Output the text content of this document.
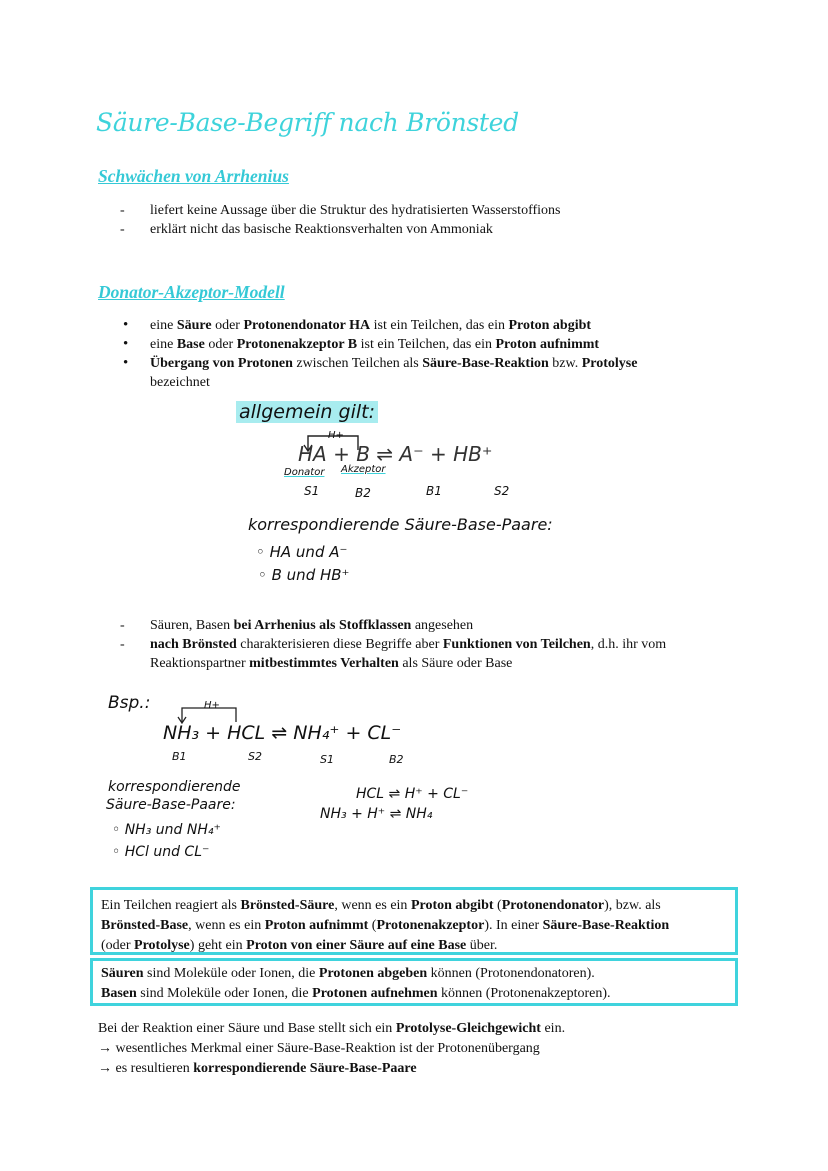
Säure-Base-Begriff nach Brönsted
Schwächen von Arrhenius
- liefert keine Aussage über die Struktur des hydratisierten Wasserstoffions
- erklärt nicht das basische Reaktionsverhalten von Ammoniak
Donator-Akzeptor-Modell
• eine Säure oder Protonendonator HA ist ein Teilchen, das ein Proton abgibt
• eine Base oder Protonenakzeptor B ist ein Teilchen, das ein Proton aufnimmt
• Übergang von Protonen zwischen Teilchen als Säure-Base-Reaktion bzw. Protolyse
bezeichnet
allgemein gilt:
H+
HA + B ⇌ A⁻ + HB⁺
Donator Akzeptor
S1	B2	B1	S2
korrespondierende Säure-Base-Paare:
◦ HA und A⁻
◦ B und HB⁺
- Säuren, Basen bei Arrhenius als Stoffklassen angesehen
- nach Brönsted charakterisieren diese Begriffe aber Funktionen von Teilchen, d.h. ihr vom
Reaktionspartner mitbestimmtes Verhalten als Säure oder Base
Bsp.:	H+
NH₃ + HCL ⇌ NH₄⁺ + CL⁻
B1	S2	S1	B2
korrespondierende
Säure-Base-Paare:
◦ NH₃ und NH₄⁺
◦ HCl und CL⁻
HCL ⇌ H⁺ + CL⁻
NH₃ + H⁺ ⇌ NH₄
Ein Teilchen reagiert als Brönsted-Säure, wenn es ein Proton abgibt (Protonendonator), bzw. als
Brönsted-Base, wenn es ein Proton aufnimmt (Protonenakzeptor). In einer Säure-Base-Reaktion
(oder Protolyse) geht ein Proton von einer Säure auf eine Base über.
Säuren sind Moleküle oder Ionen, die Protonen abgeben können (Protonendonatoren).
Basen sind Moleküle oder Ionen, die Protonen aufnehmen können (Protonenakzeptoren).

Bei der Reaktion einer Säure und Base stellt sich ein Protolyse-Gleichgewicht ein.

→ wesentliches Merkmal einer Säure-Base-Reaktion ist der Protonenübergang

→ es resultieren korrespondierende Säure-Base-Paare
